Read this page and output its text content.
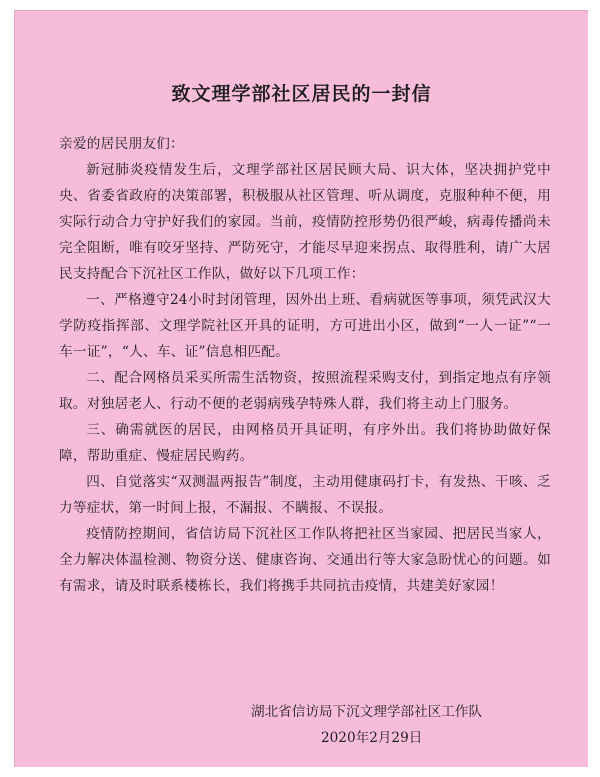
致文理学部社区居民的一封信

亲爱的居民朋友们：

新冠肺炎疫情发生后，文理学部社区居民顾大局、识大体，坚决拥护党中央、省委省政府的决策部署，积极服从社区管理、听从调度，克服种种不便，用实际行动合力守护好我们的家园。当前，疫情防控形势仍很严峻，病毒传播尚未完全阻断，唯有咬牙坚持、严防死守，才能尽早迎来拐点、取得胜利，请广大居民支持配合下沉社区工作队，做好以下几项工作：

一、严格遵守24小时封闭管理，因外出上班、看病就医等事项，须凭武汉大学防疫指挥部、文理学院社区开具的证明，方可进出小区，做到“一人一证”“一车一证”，“人、车、证”信息相匹配。

二、配合网格员采买所需生活物资，按照流程采购支付，到指定地点有序领取。对独居老人、行动不便的老弱病残孕特殊人群，我们将主动上门服务。

三、确需就医的居民，由网格员开具证明，有序外出。我们将协助做好保障，帮助重症、慢症居民购药。

四、自觉落实“双测温两报告”制度，主动用健康码打卡，有发热、干咳、乏力等症状，第一时间上报，不漏报、不瞒报、不误报。

疫情防控期间，省信访局下沉社区工作队将把社区当家园、把居民当家人，全力解决体温检测、物资分送、健康咨询、交通出行等大家急盼忧心的问题。如有需求，请及时联系楼栋长，我们将携手共同抗击疫情，共建美好家园！

湖北省信访局下沉文理学部社区工作队
2020年2月29日
